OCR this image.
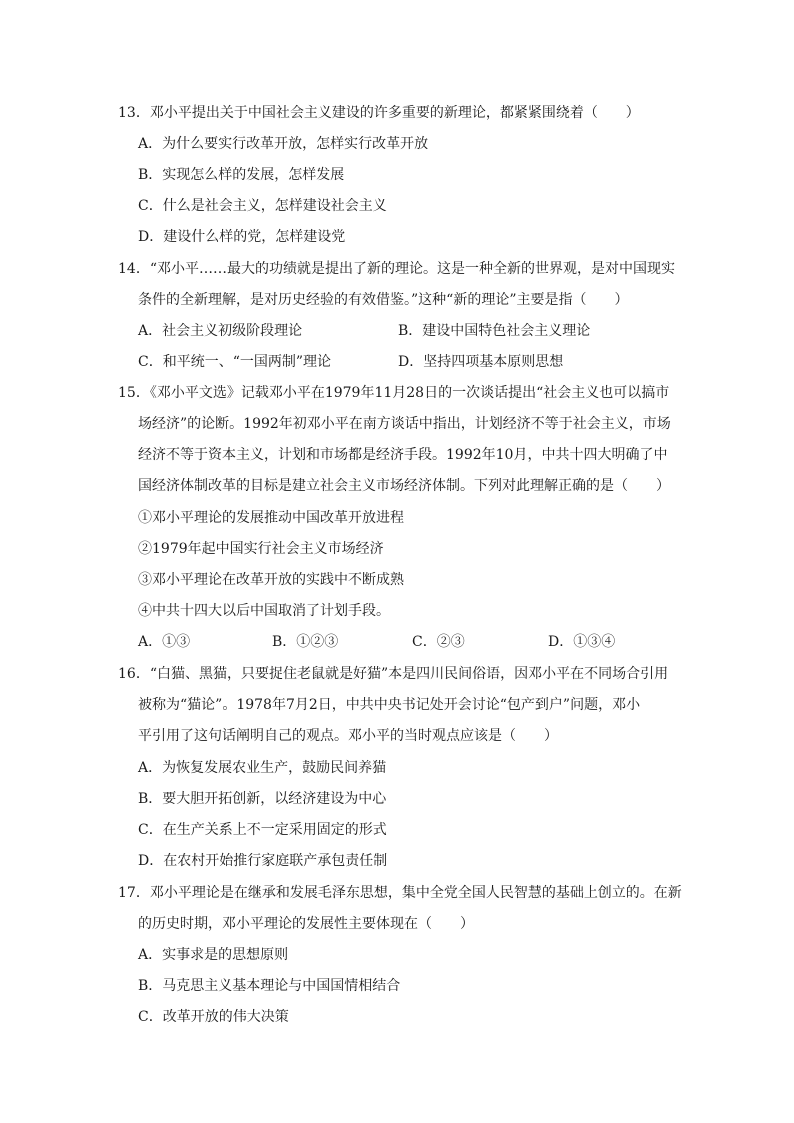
13．邓小平提出关于中国社会主义建设的许多重要的新理论，都紧紧围绕着（　　）
A．为什么要实行改革开放，怎样实行改革开放
B．实现怎么样的发展，怎样发展
C．什么是社会主义，怎样建设社会主义
D．建设什么样的党，怎样建设党
14．“邓小平……最大的功绩就是提出了新的理论。这是一种全新的世界观，是对中国现实
条件的全新理解，是对历史经验的有效借鉴。”这种“新的理论”主要是指（　　）
A．社会主义初级阶段理论	B．建设中国特色社会主义理论
C．和平统一、“一国两制”理论	D．坚持四项基本原则思想
15．《邓小平文选》记载邓小平在1979年11月28日的一次谈话提出“社会主义也可以搞市
场经济”的论断。1992年初邓小平在南方谈话中指出，计划经济不等于社会主义，市场
经济不等于资本主义，计划和市场都是经济手段。1992年10月，中共十四大明确了中
国经济体制改革的目标是建立社会主义市场经济体制。下列对此理解正确的是（　　）
①邓小平理论的发展推动中国改革开放进程
②1979年起中国实行社会主义市场经济
③邓小平理论在改革开放的实践中不断成熟
④中共十四大以后中国取消了计划手段。
A．①③	B．①②③	C．②③	D．①③④
16．“白猫、黑猫，只要捉住老鼠就是好猫”本是四川民间俗语，因邓小平在不同场合引用
被称为“猫论”。1978年7月2日，中共中央书记处开会讨论“包产到户”问题，邓小
平引用了这句话阐明自己的观点。邓小平的当时观点应该是（　　）
A．为恢复发展农业生产，鼓励民间养猫
B．要大胆开拓创新，以经济建设为中心
C．在生产关系上不一定采用固定的形式
D．在农村开始推行家庭联产承包责任制
17．邓小平理论是在继承和发展毛泽东思想，集中全党全国人民智慧的基础上创立的。在新
的历史时期，邓小平理论的发展性主要体现在（　　）
A．实事求是的思想原则
B．马克思主义基本理论与中国国情相结合
C．改革开放的伟大决策
